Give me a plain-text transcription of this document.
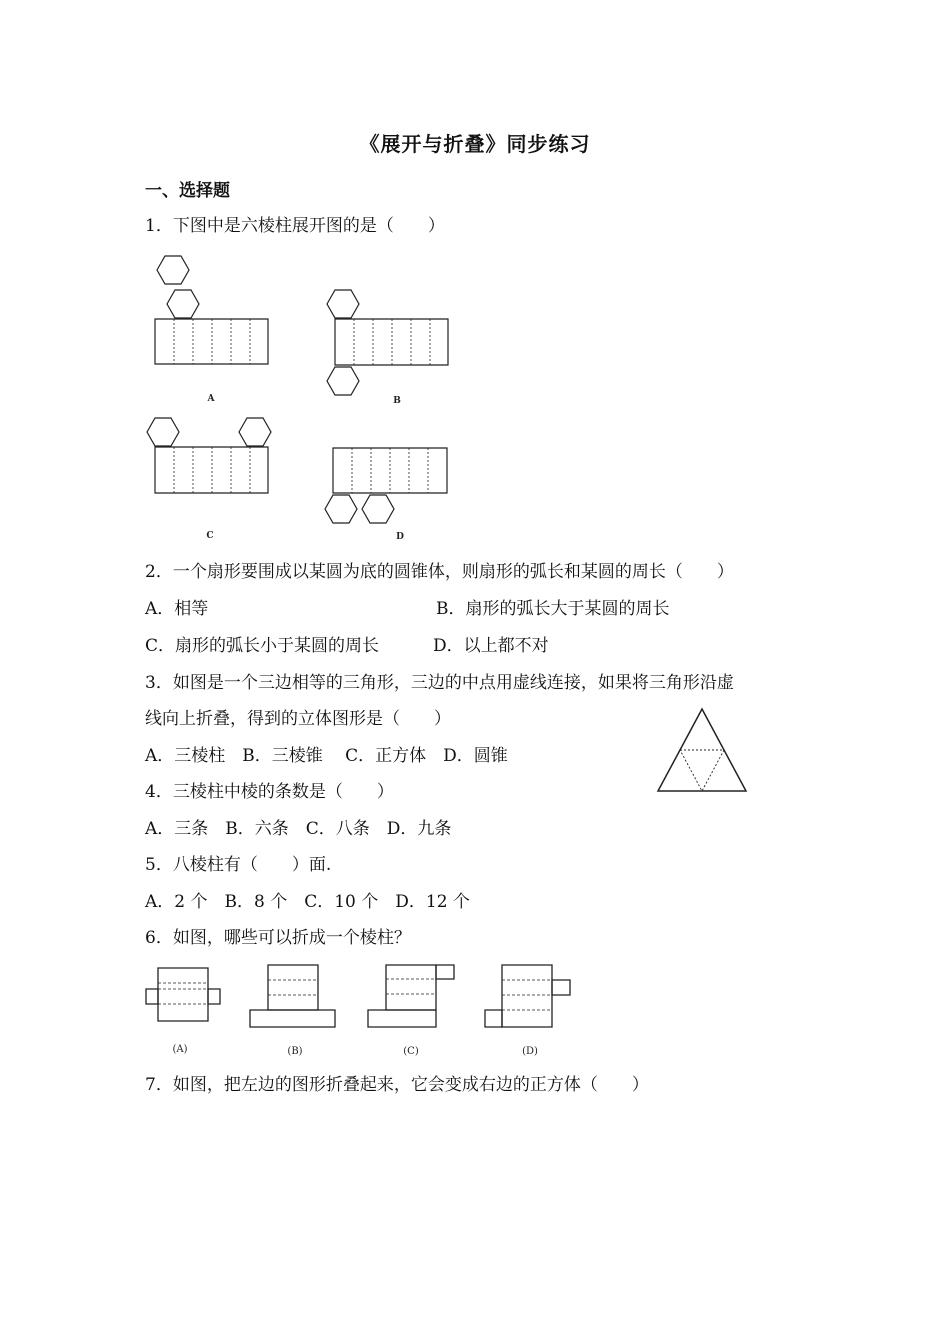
《展开与折叠》同步练习
一、选择题
1．下图中是六棱柱展开图的是（　　）
A	B
C	D
2．一个扇形要围成以某圆为底的圆锥体，则扇形的弧长和某圆的周长（　　）
A．相等	B．扇形的弧长大于某圆的周长
C．扇形的弧长小于某圆的周长	D．以上都不对
3．如图是一个三边相等的三角形，三边的中点用虚线连接，如果将三角形沿虚
线向上折叠，得到的立体图形是（　　）
A．三棱柱　B．三棱锥　 C．正方体　D．圆锥
4．三棱柱中棱的条数是（　　）
A．三条　B．六条　C．八条　D．九条
5．八棱柱有（　　）面.
A．2 个　B．8 个　C．10 个　D．12 个
6．如图，哪些可以折成一个棱柱？
(A)	(B)	(C)	(D)
7．如图，把左边的图形折叠起来，它会变成右边的正方体（　　）
